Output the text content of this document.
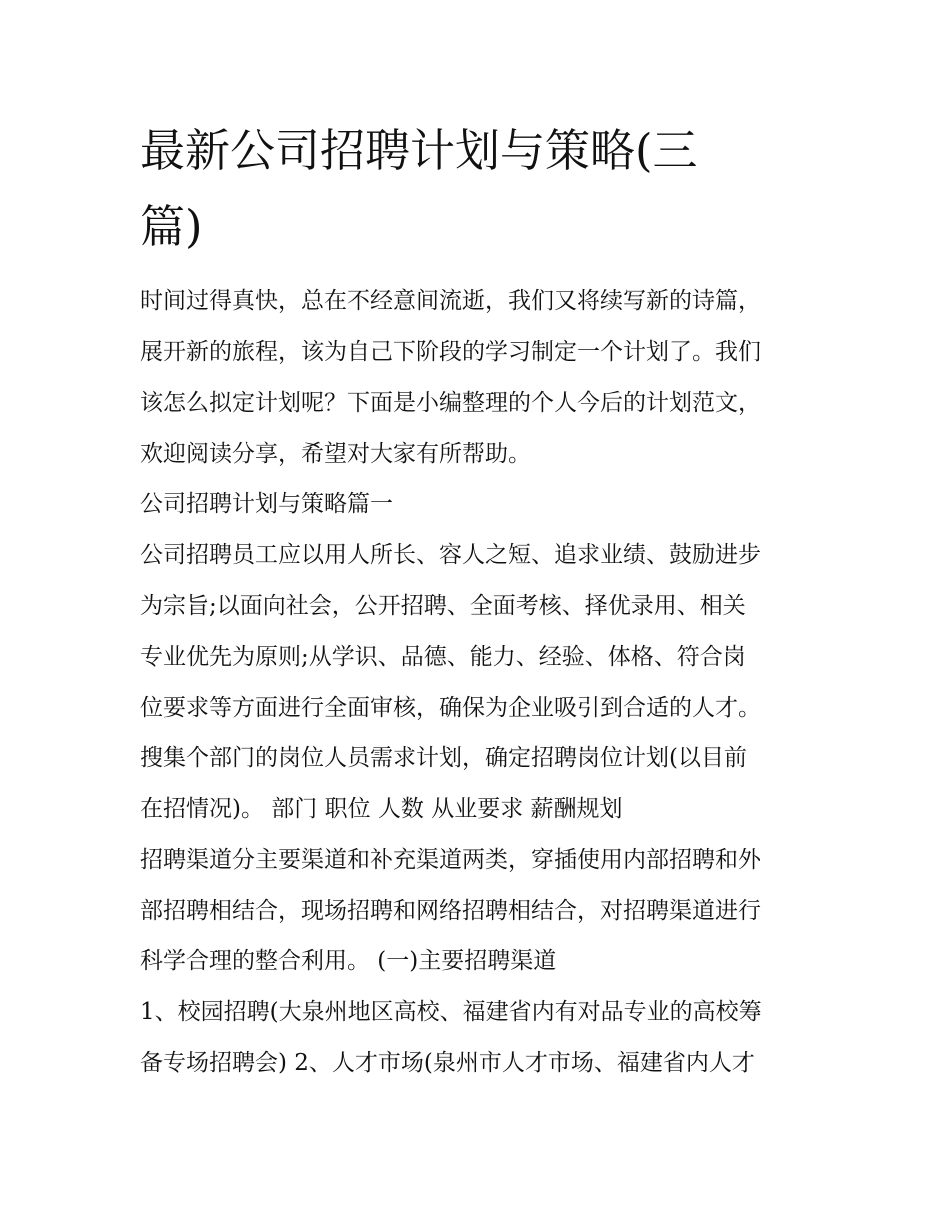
最新公司招聘计划与策略(三
篇)

时间过得真快，总在不经意间流逝，我们又将续写新的诗篇，

展开新的旅程，该为自己下阶段的学习制定一个计划了。我们

该怎么拟定计划呢？下面是小编整理的个人今后的计划范文，

欢迎阅读分享，希望对大家有所帮助。

公司招聘计划与策略篇一

公司招聘员工应以用人所长、容人之短、追求业绩、鼓励进步

为宗旨;以面向社会，公开招聘、全面考核、择优录用、相关

专业优先为原则;从学识、品德、能力、经验、体格、符合岗

位要求等方面进行全面审核，确保为企业吸引到合适的人才。

搜集个部门的岗位人员需求计划，确定招聘岗位计划(以目前

在招情况)。 部门 职位 人数 从业要求 薪酬规划

招聘渠道分主要渠道和补充渠道两类，穿插使用内部招聘和外

部招聘相结合，现场招聘和网络招聘相结合，对招聘渠道进行

科学合理的整合利用。 (一)主要招聘渠道

1、校园招聘(大泉州地区高校、福建省内有对品专业的高校筹

备专场招聘会) 2、人才市场(泉州市人才市场、福建省内人才
